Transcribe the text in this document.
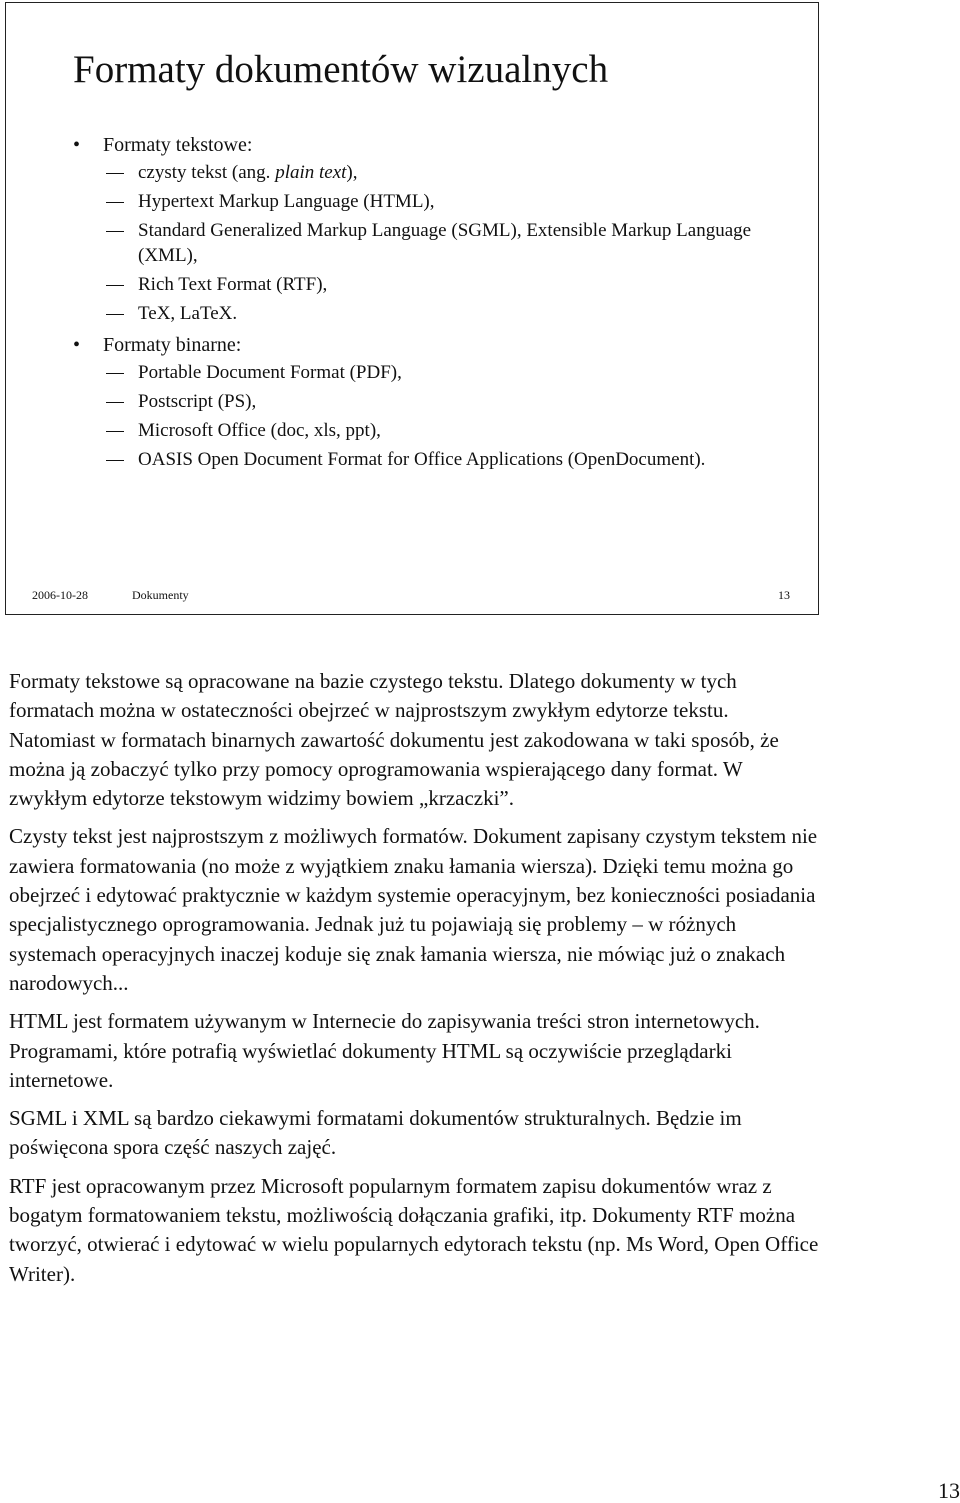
Formaty dokumentów wizualnych
• Formaty tekstowe:
czysty tekst (ang. plain text),
Hypertext Markup Language (HTML),
Standard Generalized Markup Language (SGML), Extensible Markup Language (XML),
Rich Text Format (RTF),
TeX, LaTeX.
• Formaty binarne:
Portable Document Format (PDF),
Postscript (PS),
Microsoft Office (doc, xls, ppt),
OASIS Open Document Format for Office Applications (OpenDocument).
2006-10-28	Dokumenty	13

Formaty tekstowe są opracowane na bazie czystego tekstu. Dlatego dokumenty w tych formatach można w ostateczności obejrzeć w najprostszym zwykłym edytorze tekstu. Natomiast w formatach binarnych zawartość dokumentu jest zakodowana w taki sposób, że można ją zobaczyć tylko przy pomocy oprogramowania wspierającego dany format. W zwykłym edytorze tekstowym widzimy bowiem „krzaczki”.

Czysty tekst jest najprostszym z możliwych formatów. Dokument zapisany czystym tekstem nie zawiera formatowania (no może z wyjątkiem znaku łamania wiersza). Dzięki temu można go obejrzeć i edytować praktycznie w każdym systemie operacyjnym, bez konieczności posiadania specjalistycznego oprogramowania. Jednak już tu pojawiają się problemy – w różnych systemach operacyjnych inaczej koduje się znak łamania wiersza, nie mówiąc już o znakach narodowych...

HTML jest formatem używanym w Internecie do zapisywania treści stron internetowych. Programami, które potrafią wyświetlać dokumenty HTML są oczywiście przeglądarki internetowe.

SGML i XML są bardzo ciekawymi formatami dokumentów strukturalnych. Będzie im poświęcona spora część naszych zajęć.

RTF jest opracowanym przez Microsoft popularnym formatem zapisu dokumentów wraz z bogatym formatowaniem tekstu, możliwością dołączania grafiki, itp. Dokumenty RTF można tworzyć, otwierać i edytować w wielu popularnych edytorach tekstu (np. Ms Word, Open Office Writer).

13
